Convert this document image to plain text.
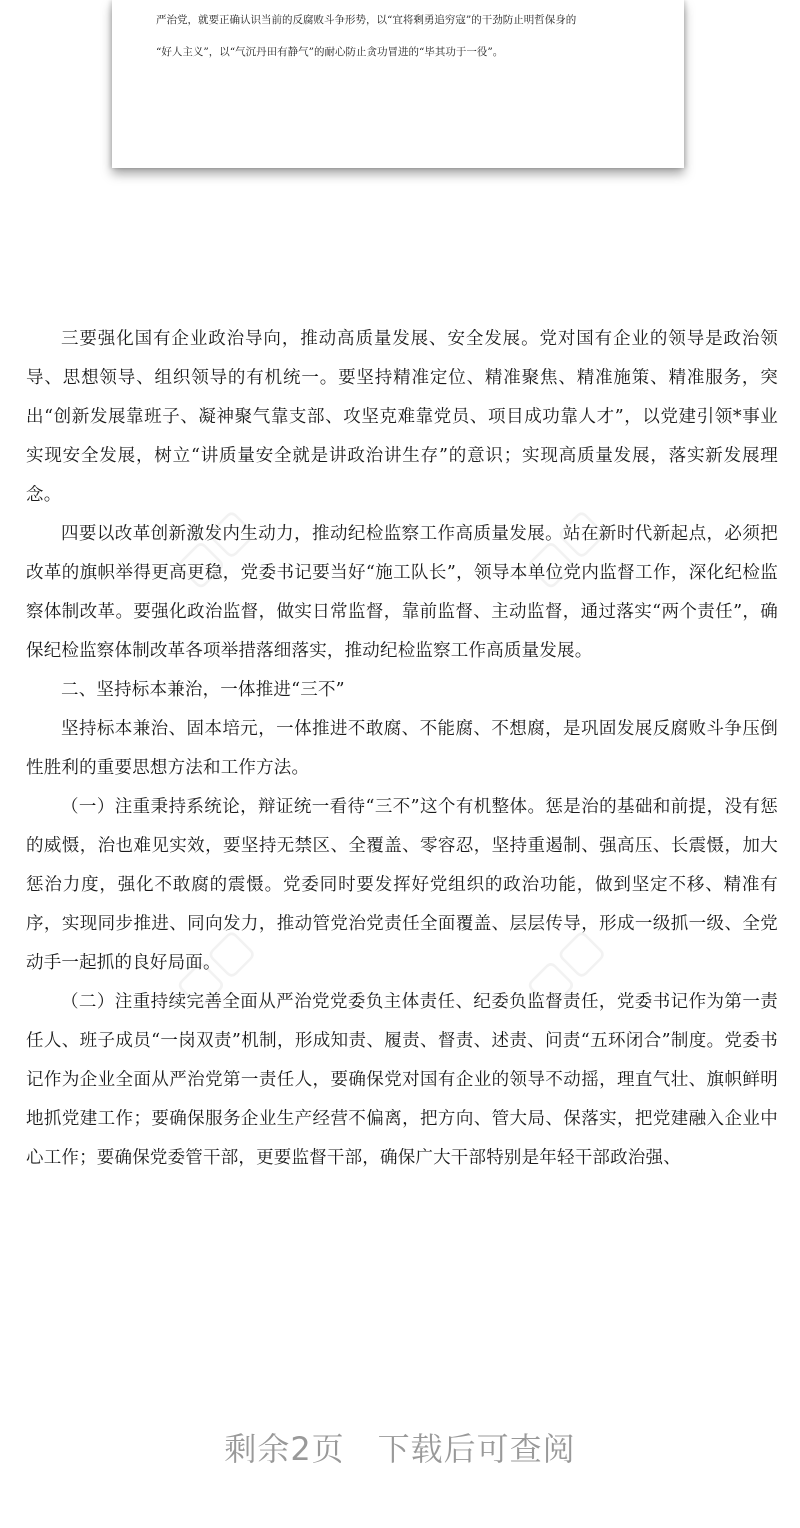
严治党，就要正确认识当前的反腐败斗争形势，以“宜将剩勇追穷寇”的干劲防止明哲保身的

“好人主义”，以“气沉丹田有静气”的耐心防止贪功冒进的“毕其功于一役”。

▢▢	▢▢
▢▢	▢▢

三要强化国有企业政治导向，推动高质量发展、安全发展。党对国有企业的领导是政治领导、思想领导、组织领导的有机统一。要坚持精准定位、精准聚焦、精准施策、精准服务，突出“创新发展靠班子、凝神聚气靠支部、攻坚克难靠党员、项目成功靠人才”，以党建引领*事业实现安全发展，树立“讲质量安全就是讲政治讲生存”的意识；实现高质量发展，落实新发展理念。

四要以改革创新激发内生动力，推动纪检监察工作高质量发展。站在新时代新起点，必须把改革的旗帜举得更高更稳，党委书记要当好“施工队长”，领导本单位党内监督工作，深化纪检监察体制改革。要强化政治监督，做实日常监督，靠前监督、主动监督，通过落实“两个责任”，确保纪检监察体制改革各项举措落细落实，推动纪检监察工作高质量发展。

二、坚持标本兼治，一体推进“三不”

坚持标本兼治、固本培元，一体推进不敢腐、不能腐、不想腐，是巩固发展反腐败斗争压倒性胜利的重要思想方法和工作方法。

（一）注重秉持系统论，辩证统一看待“三不”这个有机整体。惩是治的基础和前提，没有惩的威慑，治也难见实效，要坚持无禁区、全覆盖、零容忍，坚持重遏制、强高压、长震慑，加大惩治力度，强化不敢腐的震慑。党委同时要发挥好党组织的政治功能，做到坚定不移、精准有序，实现同步推进、同向发力，推动管党治党责任全面覆盖、层层传导，形成一级抓一级、全党动手一起抓的良好局面。

（二）注重持续完善全面从严治党党委负主体责任、纪委负监督责任，党委书记作为第一责任人、班子成员“一岗双责”机制，形成知责、履责、督责、述责、问责“五环闭合”制度。党委书记作为企业全面从严治党第一责任人，要确保党对国有企业的领导不动摇，理直气壮、旗帜鲜明地抓党建工作；要确保服务企业生产经营不偏离，把方向、管大局、保落实，把党建融入企业中心工作；要确保党委管干部，更要监督干部，确保广大干部特别是年轻干部政治强、

剩余2页　下载后可查阅
